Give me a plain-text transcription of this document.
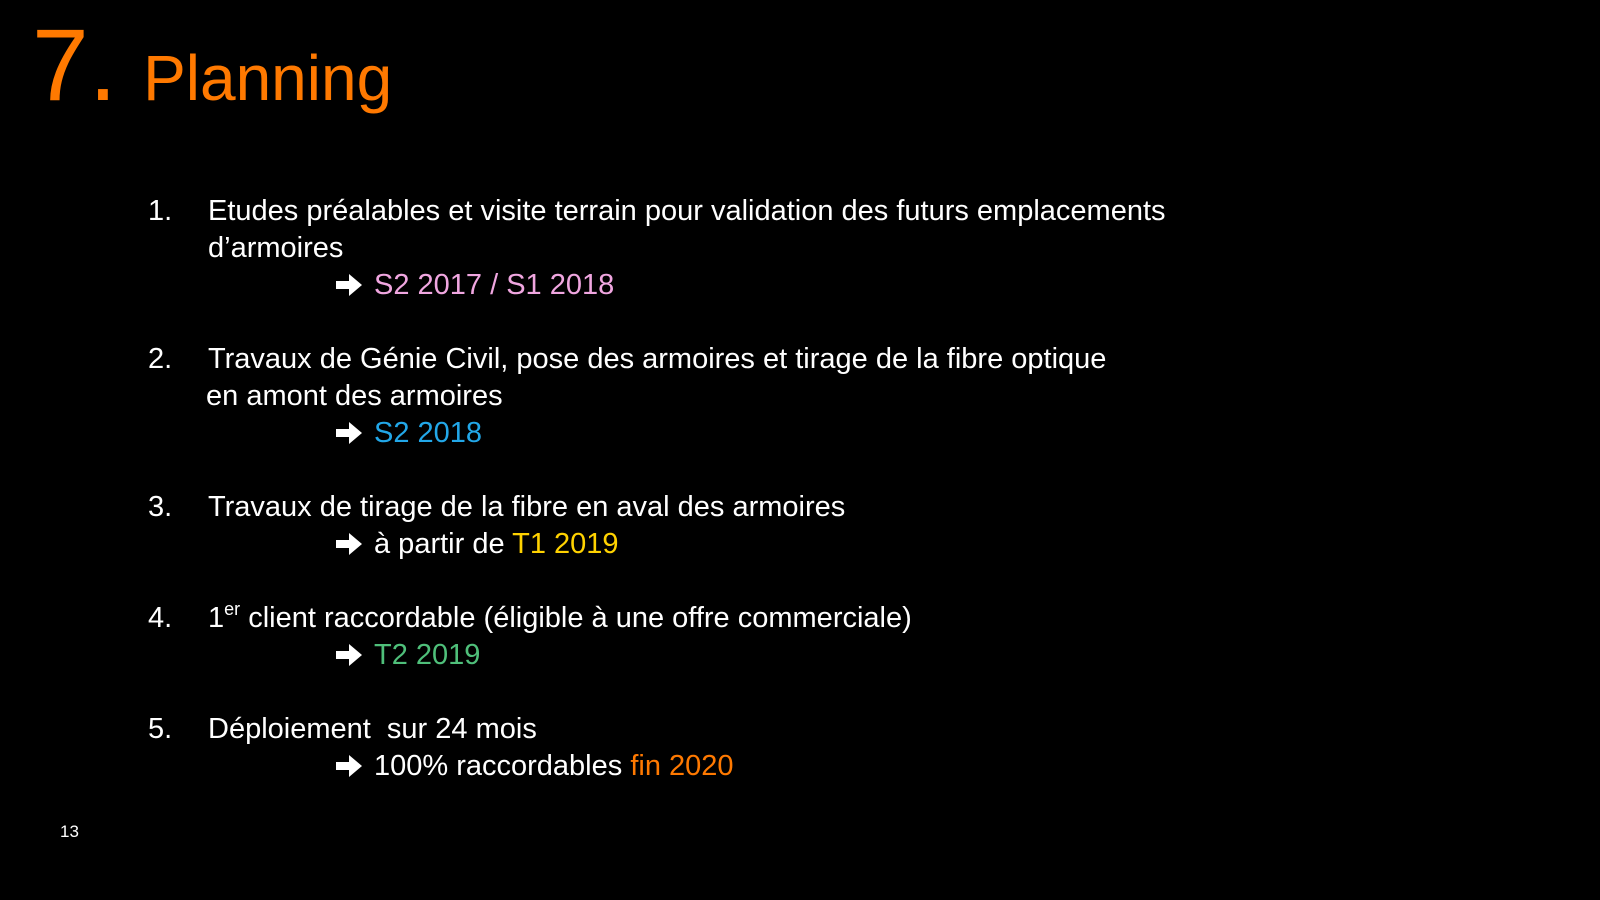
7. Planning
1. Etudes préalables et visite terrain pour validation des futurs emplacements
d’armoires
S2 2017 / S1 2018
2. Travaux de Génie Civil, pose des armoires et tirage de la fibre optique
en amont des armoires
S2 2018
3. Travaux de tirage de la fibre en aval des armoires
à partir de T1 2019
4. 1er client raccordable (éligible à une offre commerciale)
T2 2019
5. Déploiement  sur 24 mois
100% raccordables fin 2020
13
